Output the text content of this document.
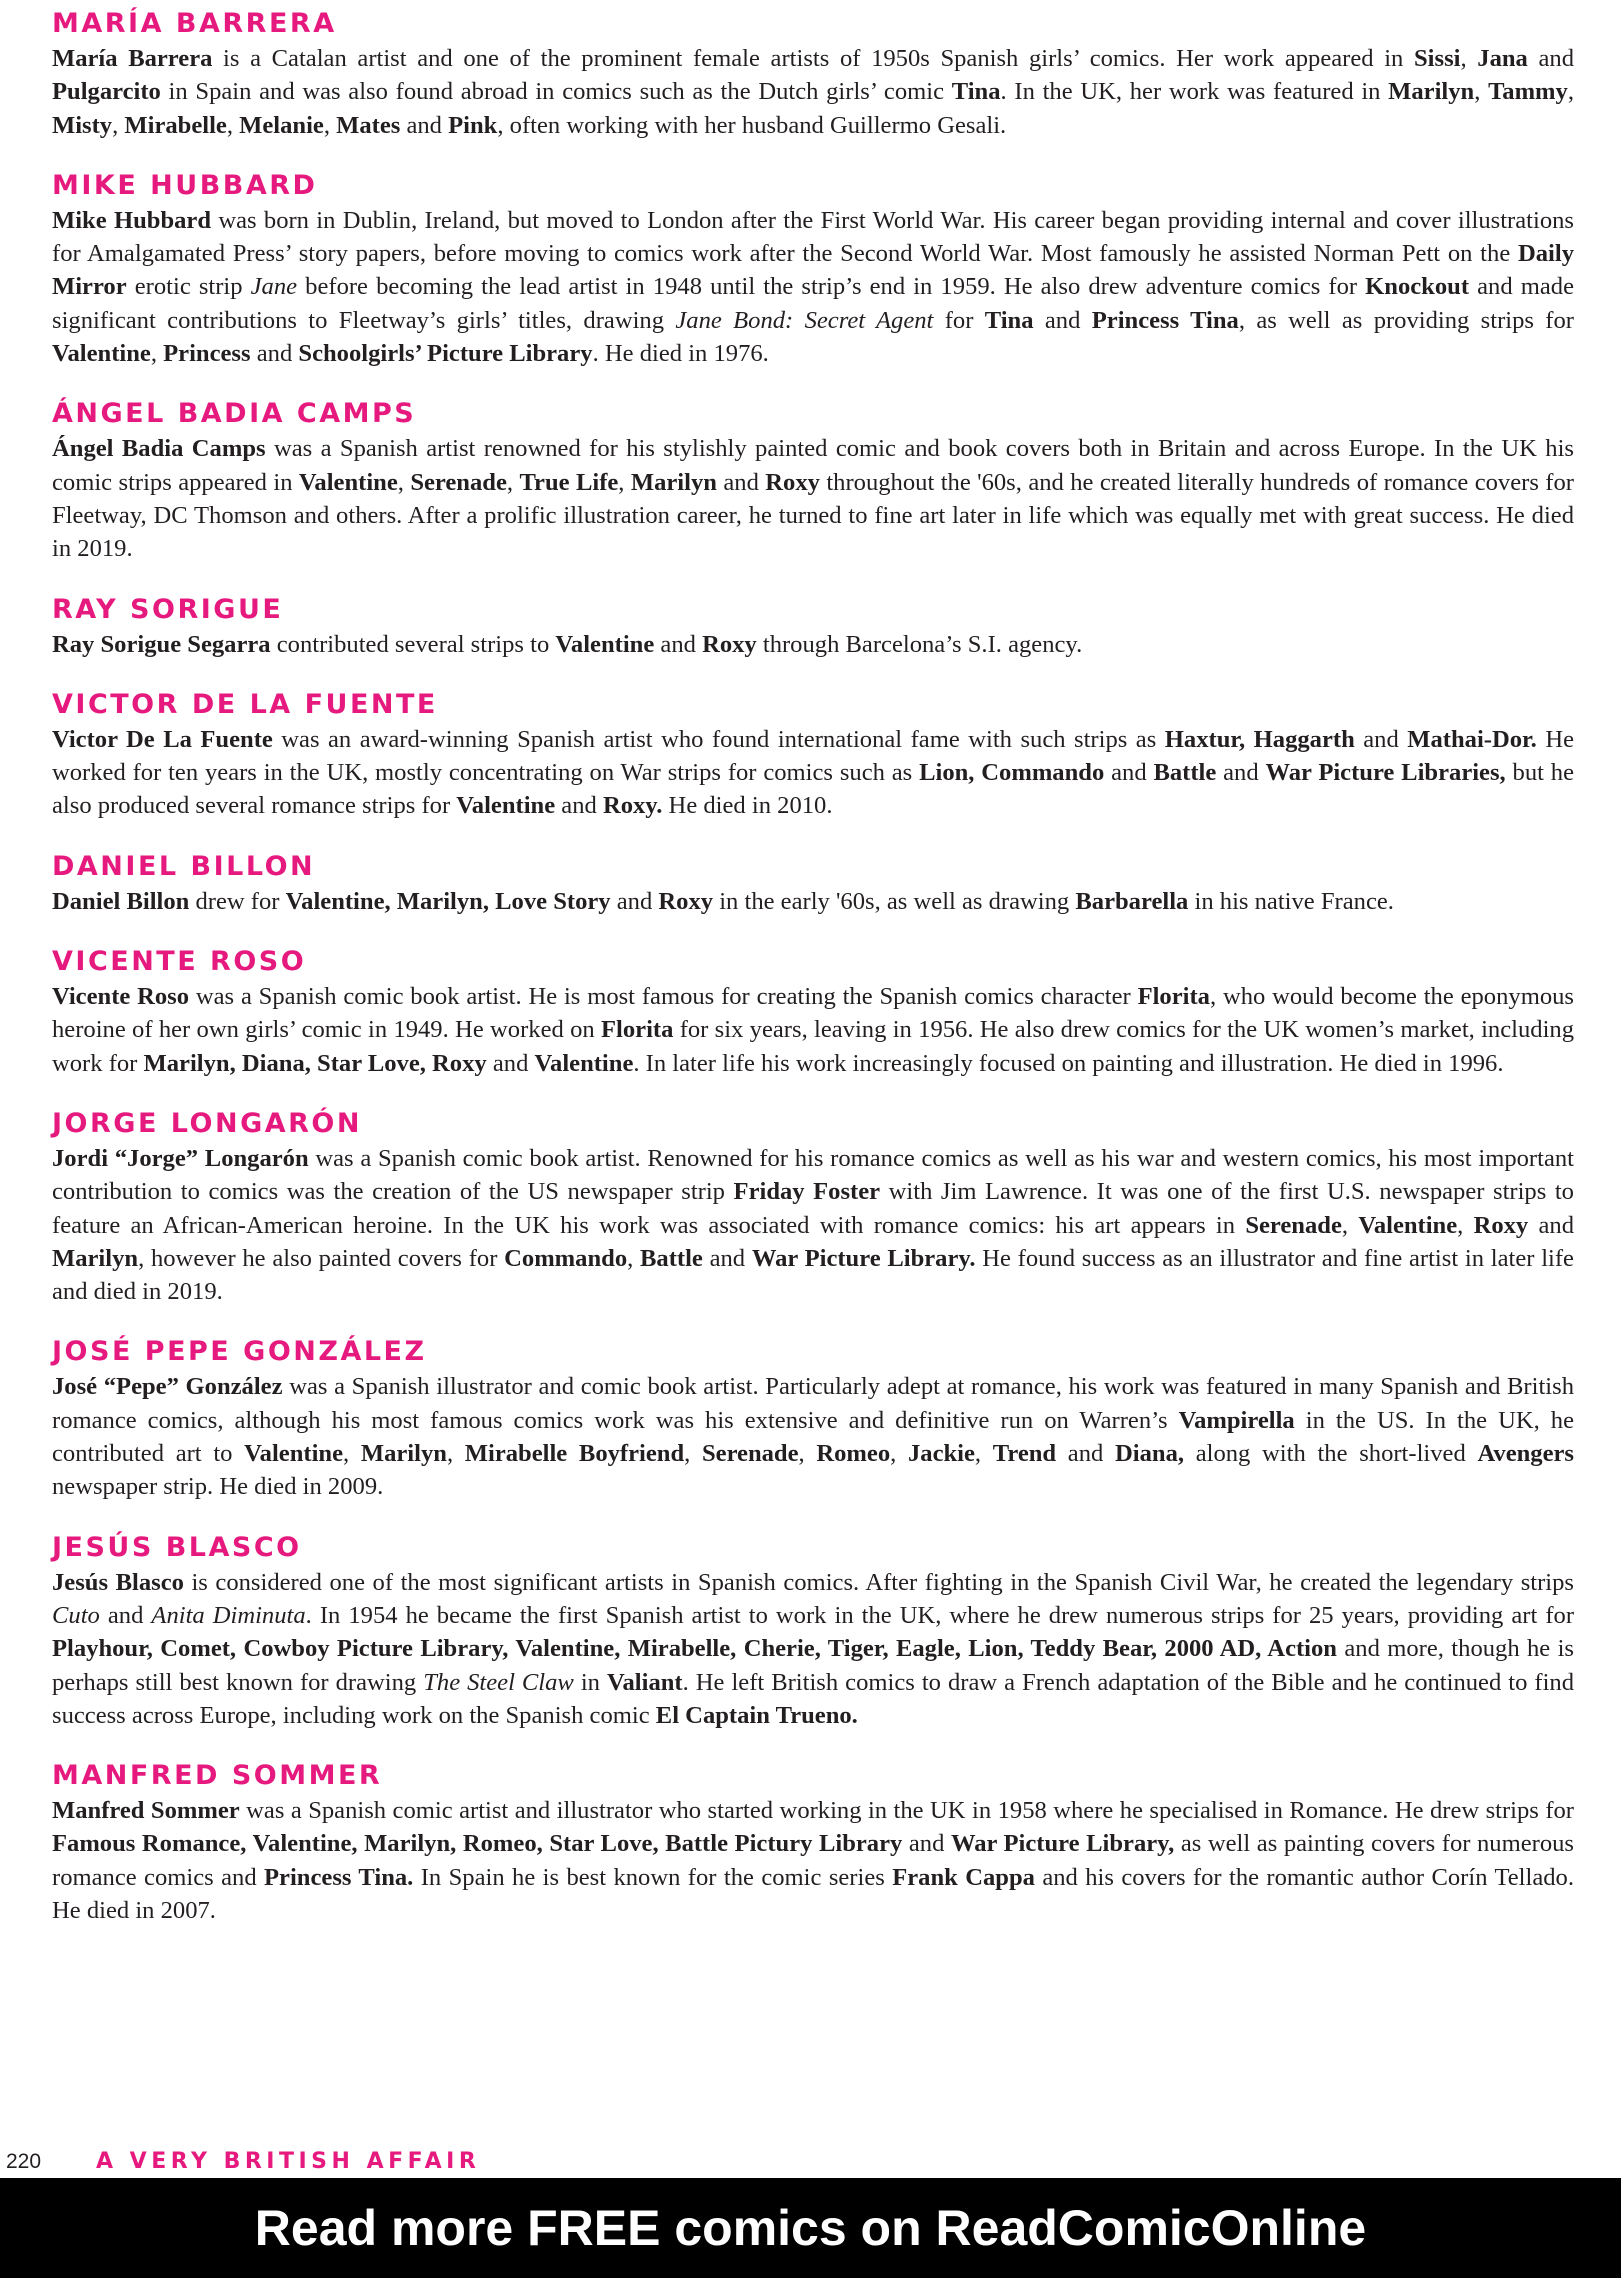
MARÍA BARRERA

María Barrera is a Catalan artist and one of the prominent female artists of 1950s Spanish girls’ comics. Her work appeared in Sissi, Jana and Pulgarcito in Spain and was also found abroad in comics such as the Dutch girls’ comic Tina. In the UK, her work was featured in Marilyn, Tammy, Misty, Mirabelle, Melanie, Mates and Pink, often working with her husband Guillermo Gesali.

MIKE HUBBARD

Mike Hubbard was born in Dublin, Ireland, but moved to London after the First World War. His career began providing internal and cover illustrations for Amalgamated Press’ story papers, before moving to comics work after the Second World War. Most famously he assisted Norman Pett on the Daily Mirror erotic strip Jane before becoming the lead artist in 1948 until the strip’s end in 1959. He also drew adventure comics for Knockout and made significant contributions to Fleetway’s girls’ titles, drawing Jane Bond: Secret Agent for Tina and Princess Tina, as well as providing strips for Valentine, Princess and Schoolgirls’ Picture Library. He died in 1976.

ÁNGEL BADIA CAMPS

Ángel Badia Camps was a Spanish artist renowned for his stylishly painted comic and book covers both in Britain and across Europe. In the UK his comic strips appeared in Valentine, Serenade, True Life, Marilyn and Roxy throughout the '60s, and he created literally hundreds of romance covers for Fleetway, DC Thomson and others. After a prolific illustration career, he turned to fine art later in life which was equally met with great success. He died in 2019.

RAY SORIGUE

Ray Sorigue Segarra contributed several strips to Valentine and Roxy through Barcelona’s S.I. agency.

VICTOR DE LA FUENTE

Victor De La Fuente was an award-winning Spanish artist who found international fame with such strips as Haxtur, Haggarth and Mathai-Dor. He worked for ten years in the UK, mostly concentrating on War strips for comics such as Lion, Commando and Battle and War Picture Libraries, but he also produced several romance strips for Valentine and Roxy. He died in 2010.

DANIEL BILLON

Daniel Billon drew for Valentine, Marilyn, Love Story and Roxy in the early '60s, as well as drawing Barbarella in his native France.

VICENTE ROSO

Vicente Roso was a Spanish comic book artist. He is most famous for creating the Spanish comics character Florita, who would become the eponymous heroine of her own girls’ comic in 1949. He worked on Florita for six years, leaving in 1956. He also drew comics for the UK women’s market, including work for Marilyn, Diana, Star Love, Roxy and Valentine. In later life his work increasingly focused on painting and illustration. He died in 1996.

JORGE LONGARÓN

Jordi “Jorge” Longarón was a Spanish comic book artist. Renowned for his romance comics as well as his war and western comics, his most important contribution to comics was the creation of the US newspaper strip Friday Foster with Jim Lawrence. It was one of the first U.S. newspaper strips to feature an African-American heroine. In the UK his work was associated with romance comics: his art appears in Serenade, Valentine, Roxy and Marilyn, however he also painted covers for Commando, Battle and War Picture Library. He found success as an illustrator and fine artist in later life and died in 2019.

JOSÉ PEPE GONZÁLEZ

José “Pepe” González was a Spanish illustrator and comic book artist. Particularly adept at romance, his work was featured in many Spanish and British romance comics, although his most famous comics work was his extensive and definitive run on Warren’s Vampirella in the US. In the UK, he contributed art to Valentine, Marilyn, Mirabelle Boyfriend, Serenade, Romeo, Jackie, Trend and Diana, along with the short-lived Avengers newspaper strip. He died in 2009.

JESÚS BLASCO

Jesús Blasco is considered one of the most significant artists in Spanish comics. After fighting in the Spanish Civil War, he created the legendary strips Cuto and Anita Diminuta. In 1954 he became the first Spanish artist to work in the UK, where he drew numerous strips for 25 years, providing art for Playhour, Comet, Cowboy Picture Library, Valentine, Mirabelle, Cherie, Tiger, Eagle, Lion, Teddy Bear, 2000 AD, Action and more, though he is perhaps still best known for drawing The Steel Claw in Valiant. He left British comics to draw a French adaptation of the Bible and he continued to find success across Europe, including work on the Spanish comic El Captain Trueno.

MANFRED SOMMER

Manfred Sommer was a Spanish comic artist and illustrator who started working in the UK in 1958 where he specialised in Romance. He drew strips for Famous Romance, Valentine, Marilyn, Romeo, Star Love, Battle Pictury Library and War Picture Library, as well as painting covers for numerous romance comics and Princess Tina. In Spain he is best known for the comic series Frank Cappa and his covers for the romantic author Corín Tellado. He died in 2007.

220 A VERY BRITISH AFFAIR
Read more FREE comics on ReadComicOnline
